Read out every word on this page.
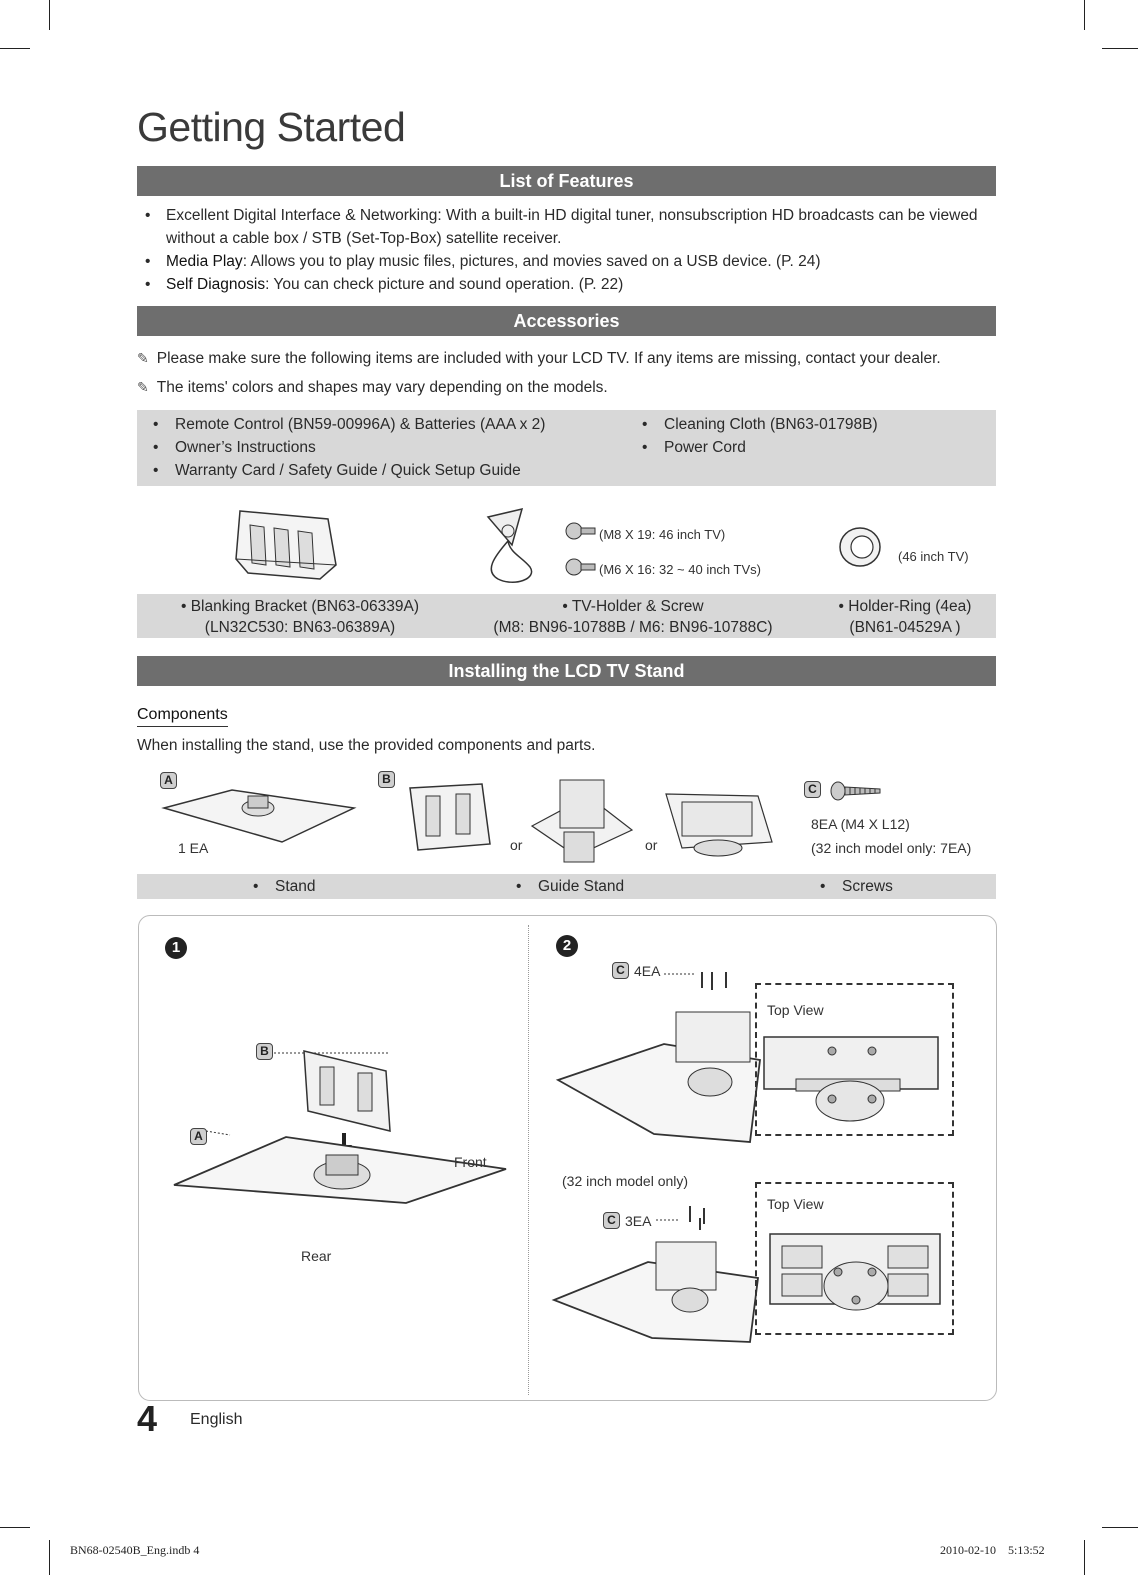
Getting Started
List of Features
• Excellent Digital Interface & Networking: With a built-in HD digital tuner, nonsubscription HD broadcasts can be viewed without a cable box / STB (Set-Top-Box) satellite receiver.
• Media Play: Allows you to play music files, pictures, and movies saved on a USB device. (P. 24)
• Self Diagnosis: You can check picture and sound operation. (P. 22)
Accessories
✎ Please make sure the following items are included with your LCD TV. If any items are missing, contact your dealer.
✎ The items' colors and shapes may vary depending on the models.
• Remote Control (BN59-00996A) & Batteries (AAA x 2)
• Owner’s Instructions
• Warranty Card / Safety Guide / Quick Setup Guide
• Cleaning Cloth (BN63-01798B)
• Power Cord
(M8 X 19: 46 inch TV)
(M6 X 16: 32 ~ 40 inch TVs)
(46 inch TV)
• Blanking Bracket (BN63-06339A)
(LN32C530: BN63-06389A)
• TV-Holder & Screw
(M8: BN96-10788B / M6: BN96-10788C)
• Holder-Ring (4ea)
(BN61-04529A )
Installing the LCD TV Stand
Components
When installing the stand, use the provided components and parts.
A
1 EA
B
or	or
C
8EA (M4 X L12)
(32 inch model only: 7EA)
• Stand	• Guide Stand	• Screws
1
B
A
Front
Rear
2
C 4EA
Top View
(32 inch model only)
C 3EA
Top View
4 English
BN68-02540B_Eng.indb 4	2010-02-10    5:13:52
